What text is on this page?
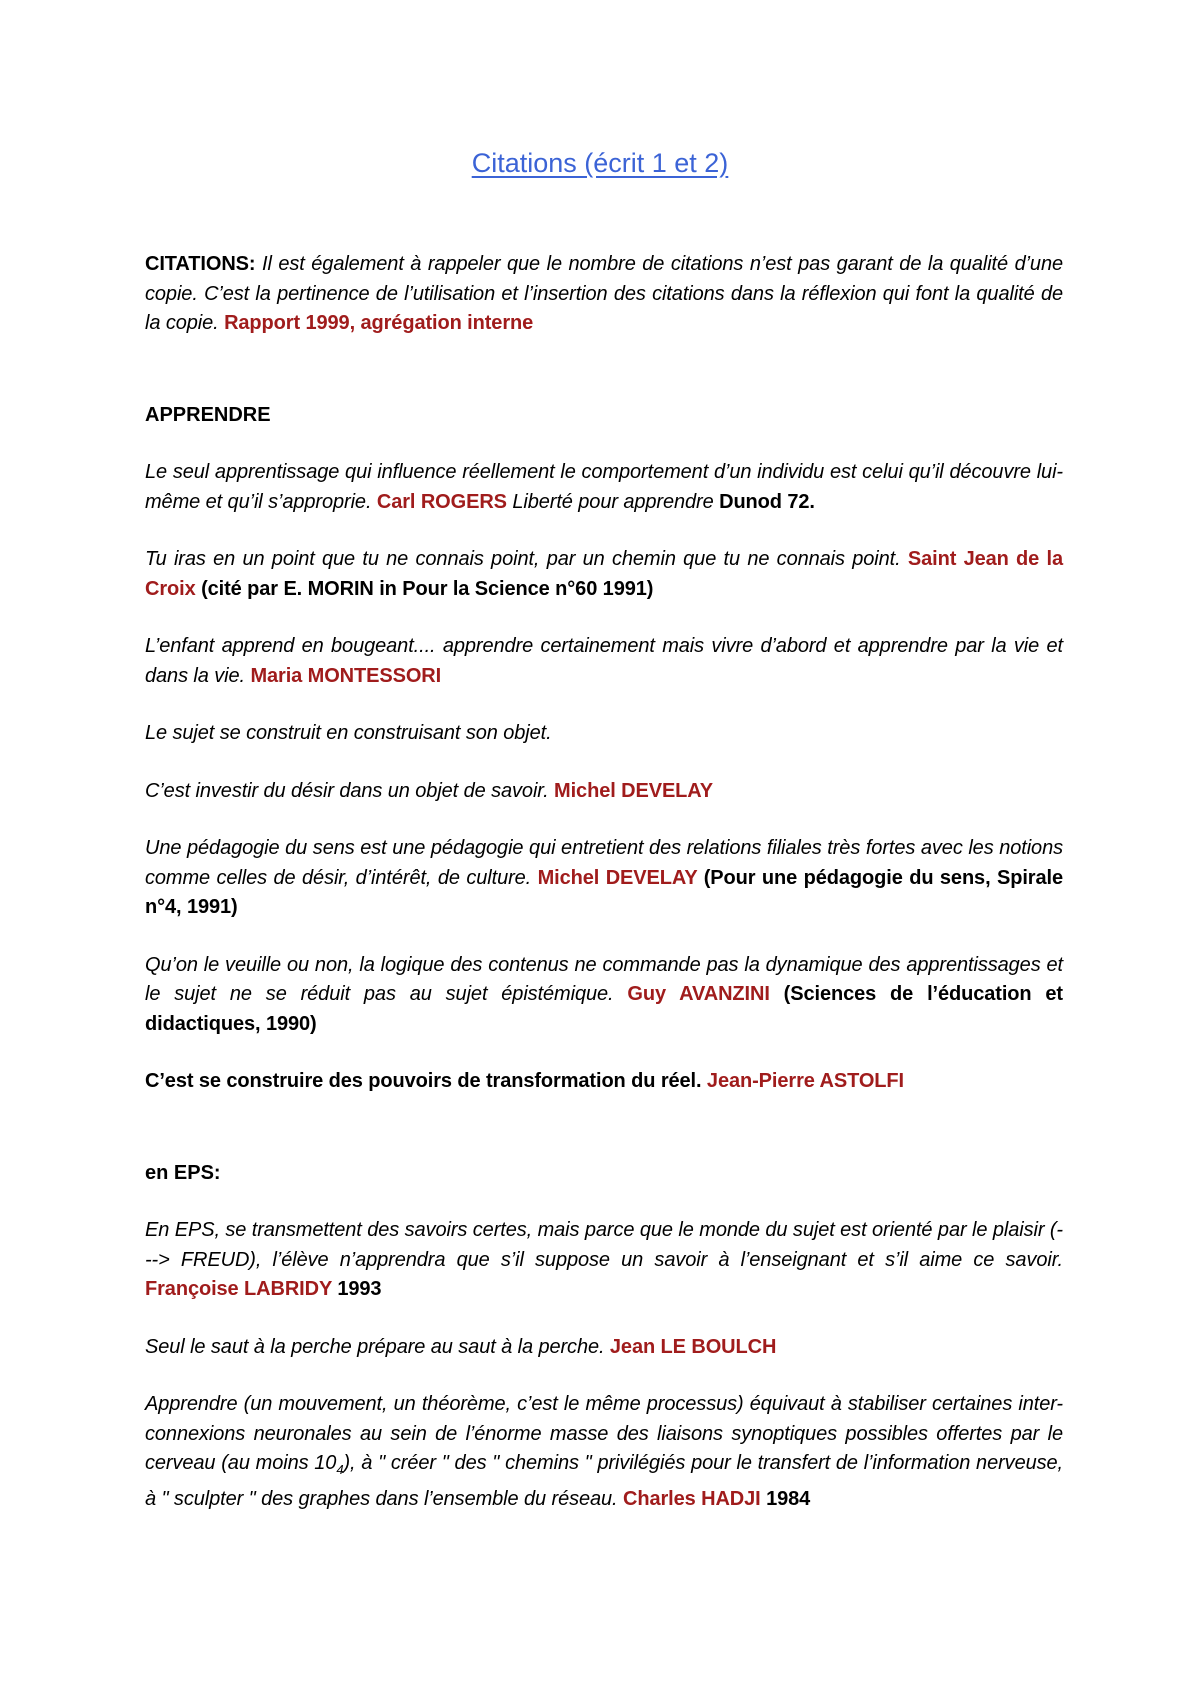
Citations (écrit 1 et 2)

CITATIONS: Il est également à rappeler que le nombre de citations n’est pas garant de la qualité d’une copie. C’est la pertinence de l’utilisation et l’insertion des citations dans la réflexion qui font la qualité de la copie. Rapport 1999, agrégation interne

APPRENDRE

Le seul apprentissage qui influence réellement le comportement d’un individu est celui qu’il découvre lui-même et qu’il s’approprie. Carl ROGERS Liberté pour apprendre Dunod 72.

Tu iras en un point que tu ne connais point, par un chemin que tu ne connais point. Saint Jean de la Croix (cité par E. MORIN in Pour la Science n°60 1991)

L’enfant apprend en bougeant.... apprendre certainement mais vivre d’abord et apprendre par la vie et dans la vie. Maria MONTESSORI

Le sujet se construit en construisant son objet.

C’est investir du désir dans un objet de savoir. Michel DEVELAY

Une pédagogie du sens est une pédagogie qui entretient des relations filiales très fortes avec les notions comme celles de désir, d’intérêt, de culture. Michel DEVELAY (Pour une pédagogie du sens, Spirale n°4, 1991)

Qu’on le veuille ou non, la logique des contenus ne commande pas la dynamique des apprentissages et le sujet ne se réduit pas au sujet épistémique. Guy AVANZINI (Sciences de l’éducation et didactiques, 1990)

C’est se construire des pouvoirs de transformation du réel. Jean-Pierre ASTOLFI

en EPS:

En EPS, se transmettent des savoirs certes, mais parce que le monde du sujet est orienté par le plaisir (---> FREUD), l’élève n’apprendra que s’il suppose un savoir à l’enseignant et s’il aime ce savoir. Françoise LABRIDY 1993

Seul le saut à la perche prépare au saut à la perche. Jean LE BOULCH

Apprendre (un mouvement, un théorème, c’est le même processus) équivaut à stabiliser certaines inter-connexions neuronales au sein de l’énorme masse des liaisons synoptiques possibles offertes par le cerveau (au moins $10_4$), à " créer " des " chemins " privilégiés pour le transfert de l’information nerveuse, à " sculpter " des graphes dans l’ensemble du réseau. Charles HADJI 1984
